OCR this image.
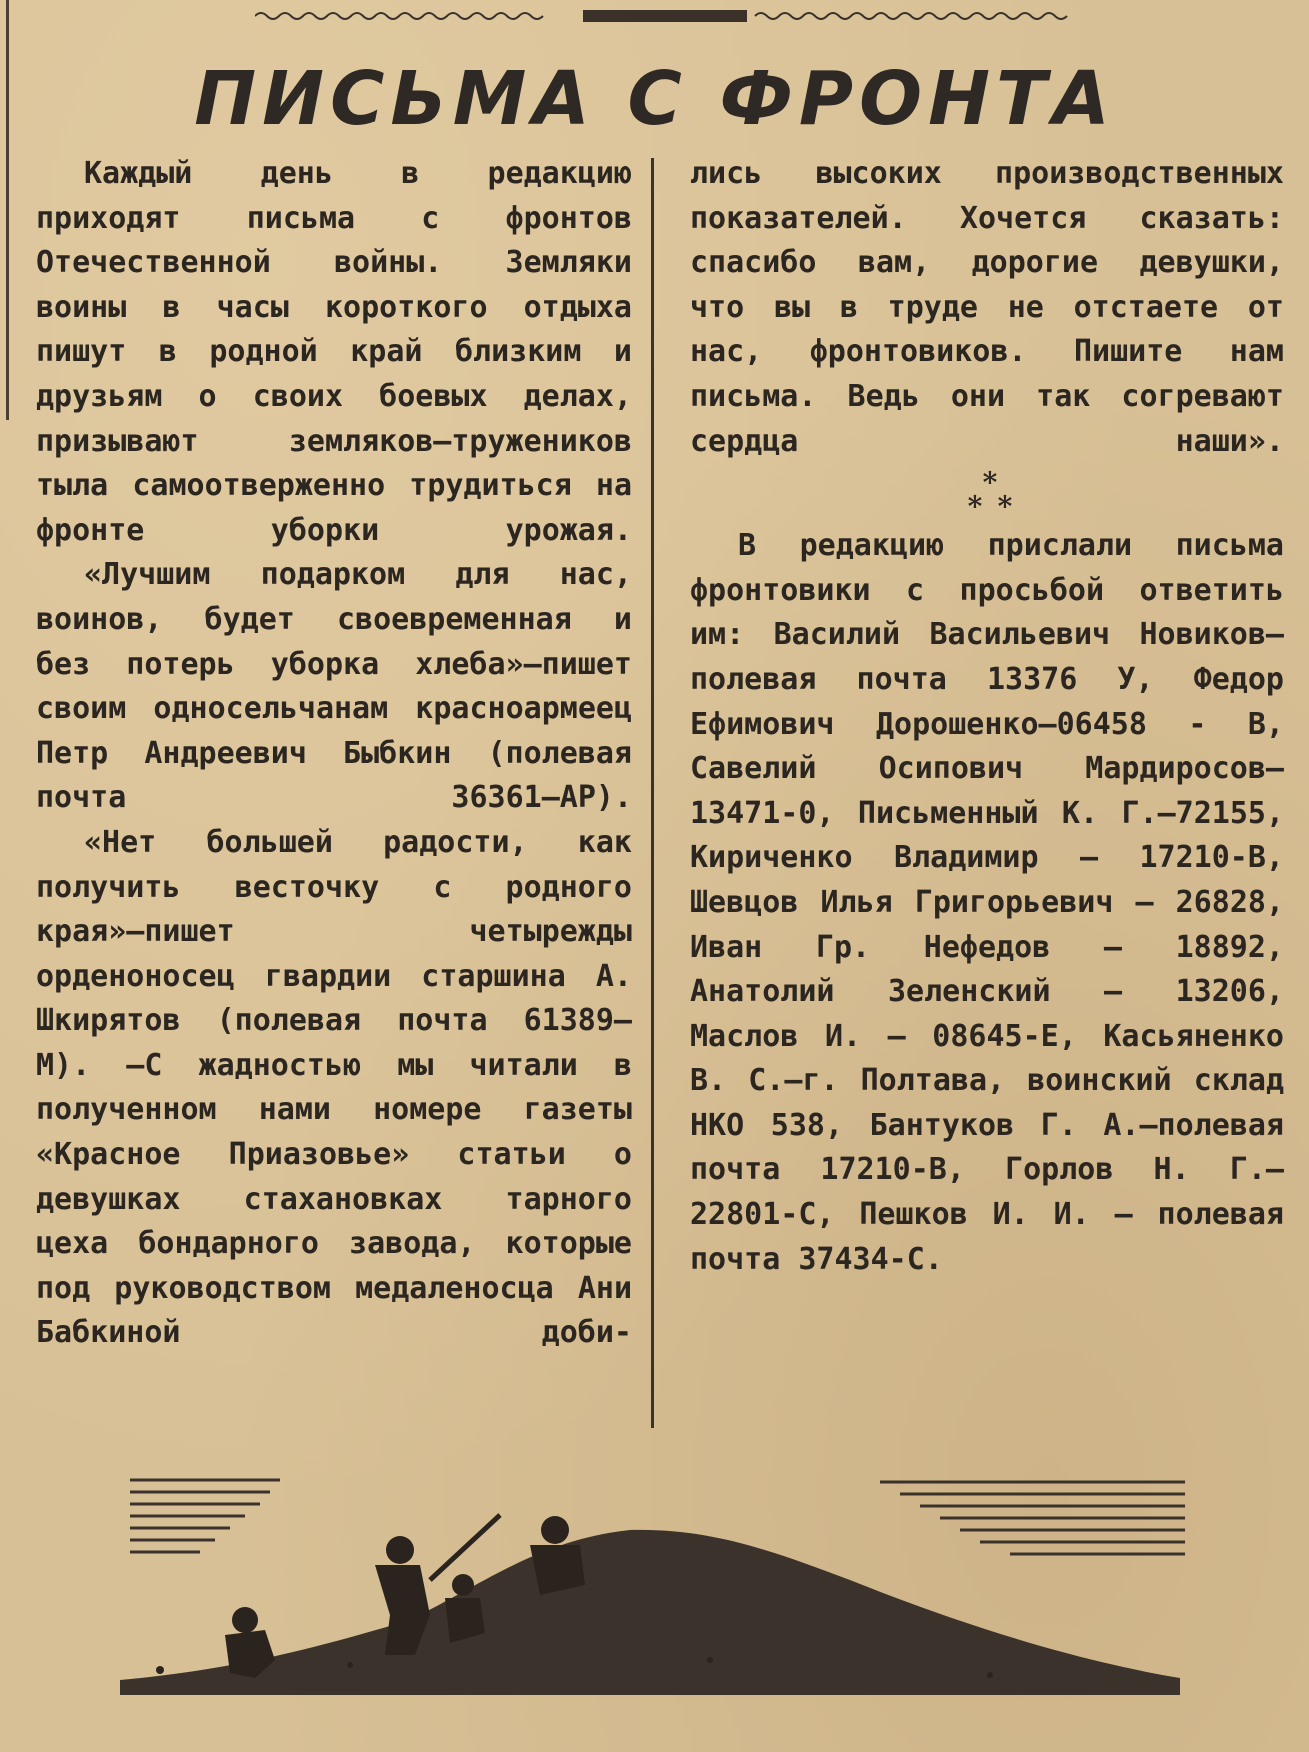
ПИСЬМА С ФРОНТА

Каждый день в редакцию приходят письма с фронтов Отечественной войны. Земляки воины в часы короткого отдыха пишут в родной край близким и друзьям о своих боевых делах, призывают земляков—тружеников тыла самоотверженно трудиться на фронте уборки урожая.

«Лучшим подарком для нас, воинов, будет своевременная и без потерь уборка хлеба»—пишет своим односельчанам красноармеец Петр Андреевич Быбкин (полевая почта 36361—АР).

«Нет большей радости, как получить весточку с родного края»—пишет четырежды орденоносец гвардии старшина А. Шкирятов (полевая почта 61389—М). —С жадностью мы читали в полученном нами номере газеты «Красное Приазовье» статьи о девушках стахановках тарного цеха бондарного завода, которые под руководством медаленосца Ани Бабкиной доби-

лись высоких производственных показателей. Хочется сказать: спасибо вам, дорогие девушки, что вы в труде не отстаете от нас, фронтовиков. Пишите нам письма. Ведь они так согревают сердца наши».

В редакцию прислали письма фронтовики с просьбой ответить им: Василий Васильевич Новиков—полевая почта 13376 У, Федор Ефимович Дорошенко—06458 - В, Савелий Осипович Мардиросов—13471-0, Письменный К. Г.—72155, Кириченко Владимир — 17210-В, Шевцов Илья Григорьевич — 26828, Иван Гр. Нефедов — 18892, Анатолий Зеленский — 13206, Маслов И. — 08645-Е, Касьяненко В. С.—г. Полтава, воинский склад НКО 538, Бантуков Г. А.—полевая почта 17210-В, Горлов Н. Г.—22801-С, Пешков И. И. — полевая почта 37434-С.

*
* *
